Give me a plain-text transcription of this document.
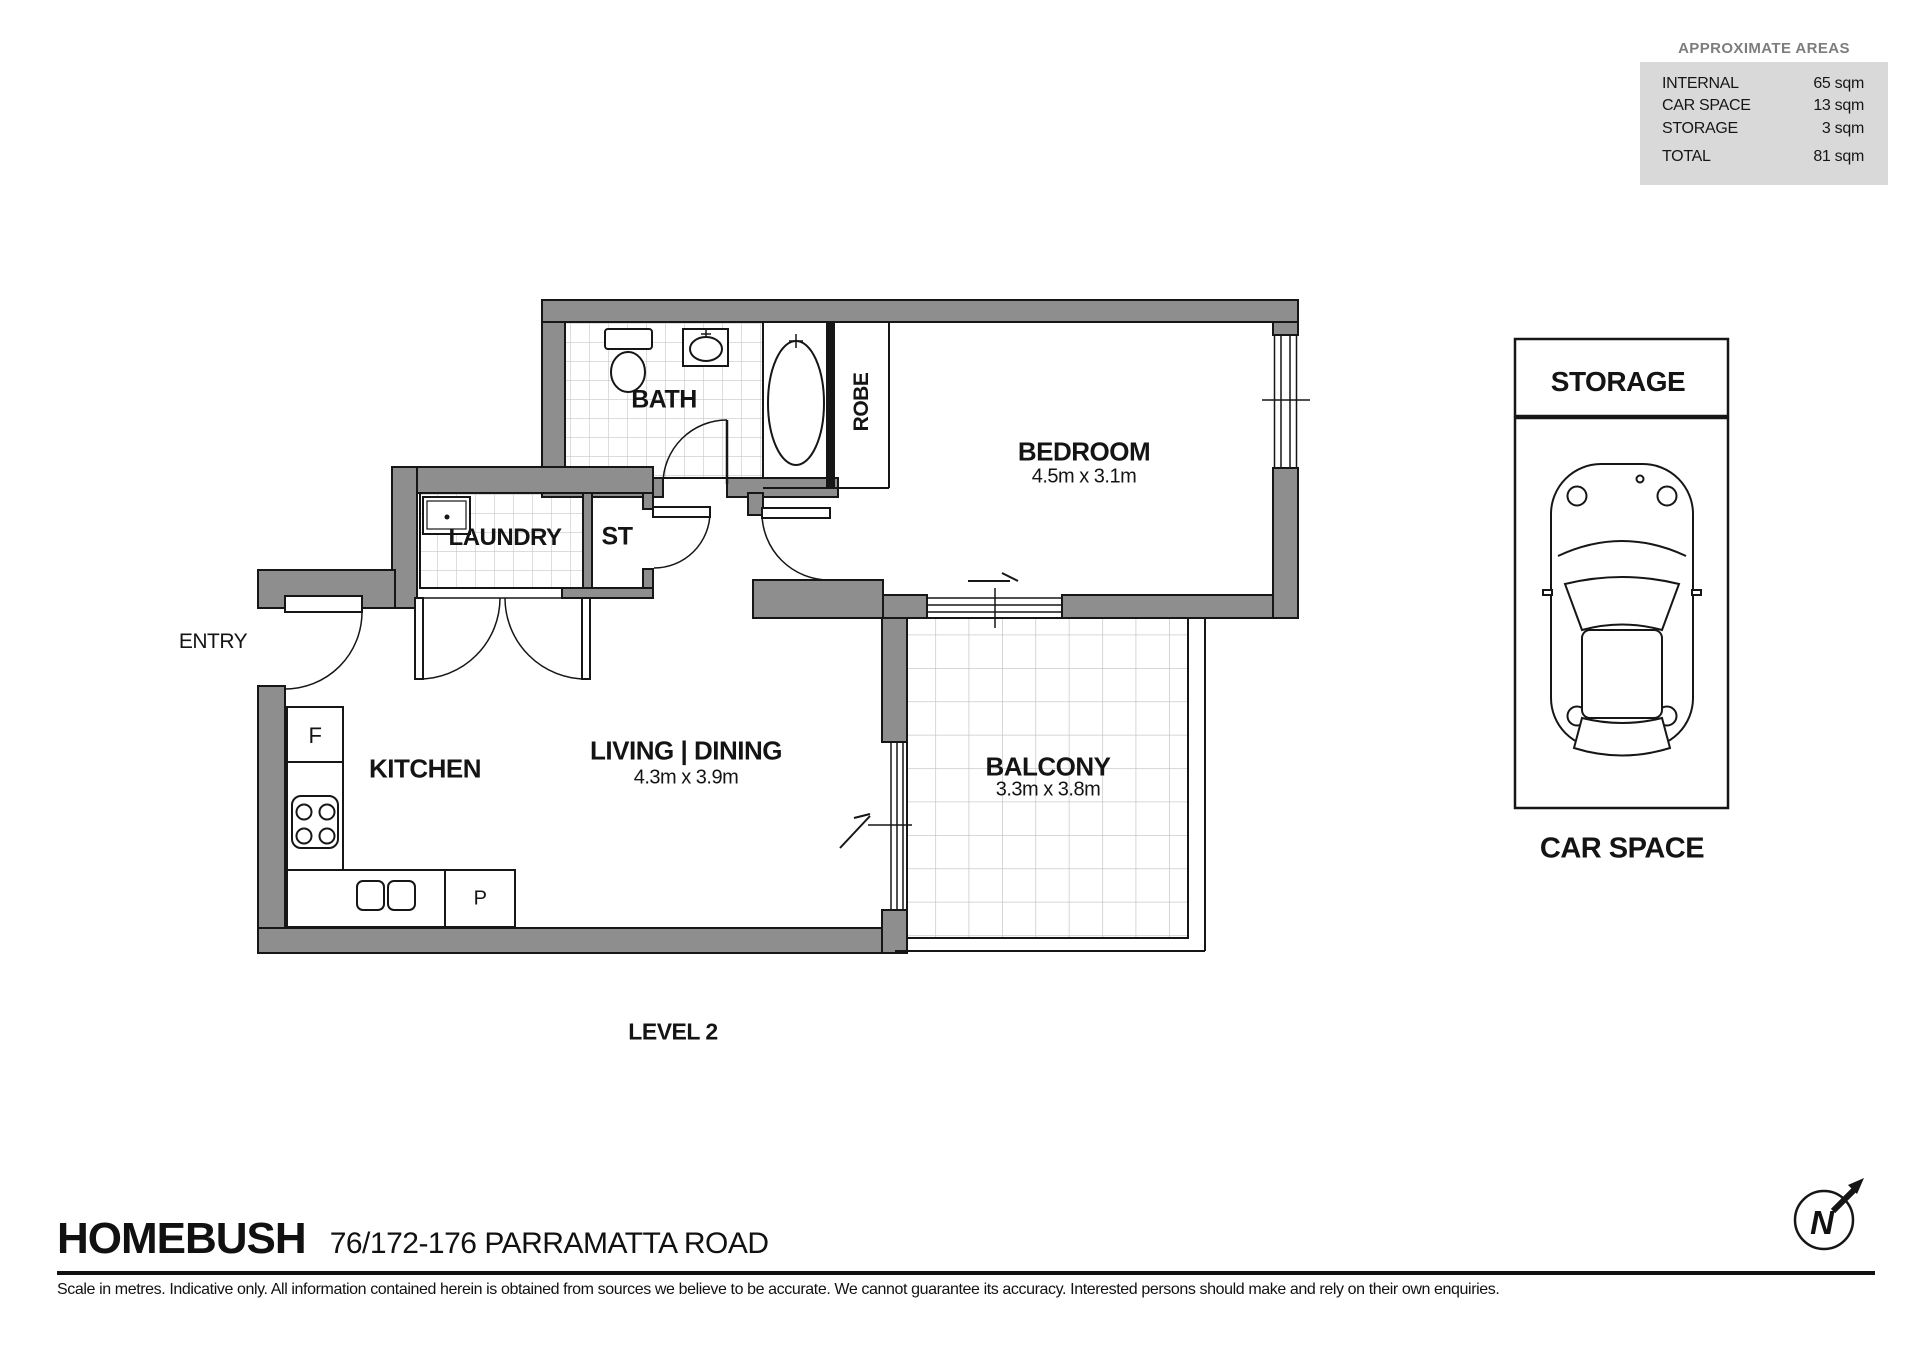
APPROXIMATE AREAS
INTERNAL	65 sqm
CAR SPACE	13 sqm
STORAGE	3 sqm
TOTAL	81 sqm
BATH	ROBE
BEDROOM
4.5m x 3.1m
LAUNDRY ST
ENTRY
KITCHEN
LIVING | DINING
4.3m x 3.9m	BALCONY
3.3m x 3.8m
F
P
STORAGE
CAR SPACE
LEVEL 2
N
HOMEBUSH 76/172-176 PARRAMATTA ROAD
Scale in metres. Indicative only. All information contained herein is obtained from sources we believe to be accurate. We cannot guarantee its accuracy. Interested persons should make and rely on their own enquiries.
